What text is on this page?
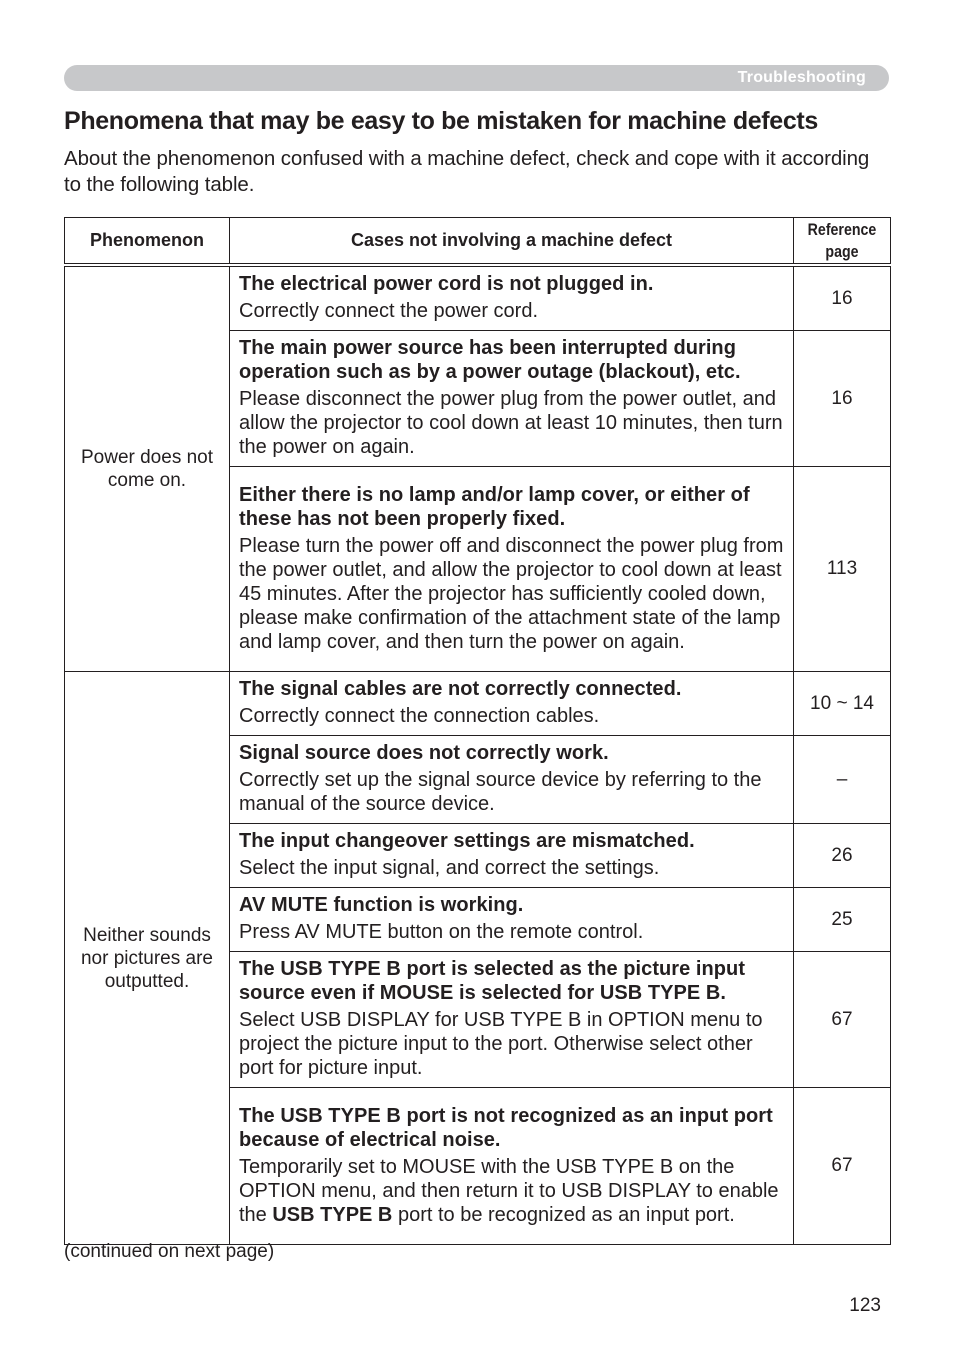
Troubleshooting
Phenomena that may be easy to be mistaken for machine defects
About the phenomenon confused with a machine defect, check and cope with it according to the following table.
Phenomenon	Cases not involving a machine defect	Reference page
Power does not come on.	The electrical power cord is not plugged in.
Correctly connect the power cord.	16

	The main power source has been interrupted during operation such as by a power outage (blackout), etc.
Please disconnect the power plug from the power outlet, and allow the projector to cool down at least 10 minutes, then turn the power on again.	16

	Either there is no lamp and/or lamp cover, or either of these has not been properly fixed.
Please turn the power off and disconnect the power plug from the power outlet, and allow the projector to cool down at least 45 minutes. After the projector has sufficiently cooled down, please make confirmation of the attachment state of the lamp and lamp cover, and then turn the power on again.	113
Neither sounds nor pictures are outputted.	The signal cables are not correctly connected.
Correctly connect the connection cables.	10 ~ 14

	Signal source does not correctly work.
Correctly set up the signal source device by referring to the manual of the source device.	–

	The input changeover settings are mismatched.
Select the input signal, and correct the settings.	26

	AV MUTE function is working.
Press AV MUTE button on the remote control.	25

	The USB TYPE B port is selected as the picture input source even if MOUSE is selected for USB TYPE B.
Select USB DISPLAY for USB TYPE B in OPTION menu to project the picture input to the port. Otherwise select other port for picture input.	67

	The USB TYPE B port is not recognized as an input port because of electrical noise.
Temporarily set to MOUSE with the USB TYPE B on the OPTION menu, and then return it to USB DISPLAY to enable the USB TYPE B port to be recognized as an input port.	67
(continued on next page)
123
